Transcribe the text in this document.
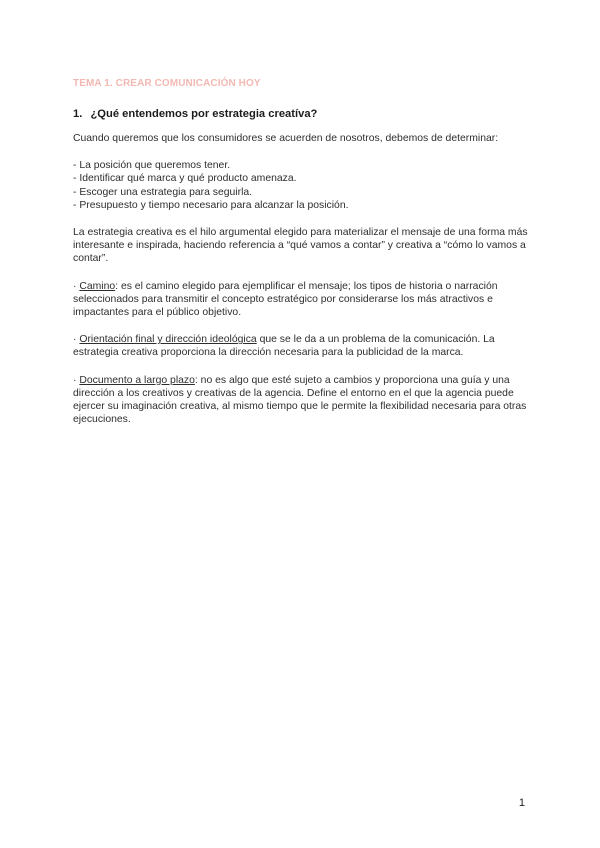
TEMA 1. CREAR COMUNICACIÓN HOY
1. ¿Qué entendemos por estrategia creatíva?

Cuando queremos que los consumidores se acuerden de nosotros, debemos de determinar:

- La posición que queremos tener.
- Identificar qué marca y qué producto amenaza.
- Escoger una estrategia para seguirla.
- Presupuesto y tiempo necesario para alcanzar la posición.

La estrategia creativa es el hilo argumental elegido para materializar el mensaje de una forma más interesante e inspirada, haciendo referencia a “qué vamos a contar” y creativa a “cómo lo vamos a contar”.

· Camino: es el camino elegido para ejemplificar el mensaje; los tipos de historia o narración seleccionados para transmitir el concepto estratégico por considerarse los más atractivos e impactantes para el público objetivo.

· Orientación final y dirección ideológica que se le da a un problema de la comunicación. La estrategia creativa proporciona la dirección necesaria para la publicidad de la marca.

· Documento a largo plazo: no es algo que esté sujeto a cambios y proporciona una guía y una dirección a los creativos y creativas de la agencia. Define el entorno en el que la agencia puede ejercer su imaginación creativa, al mismo tiempo que le permite la flexibilidad necesaria para otras ejecuciones.

1
